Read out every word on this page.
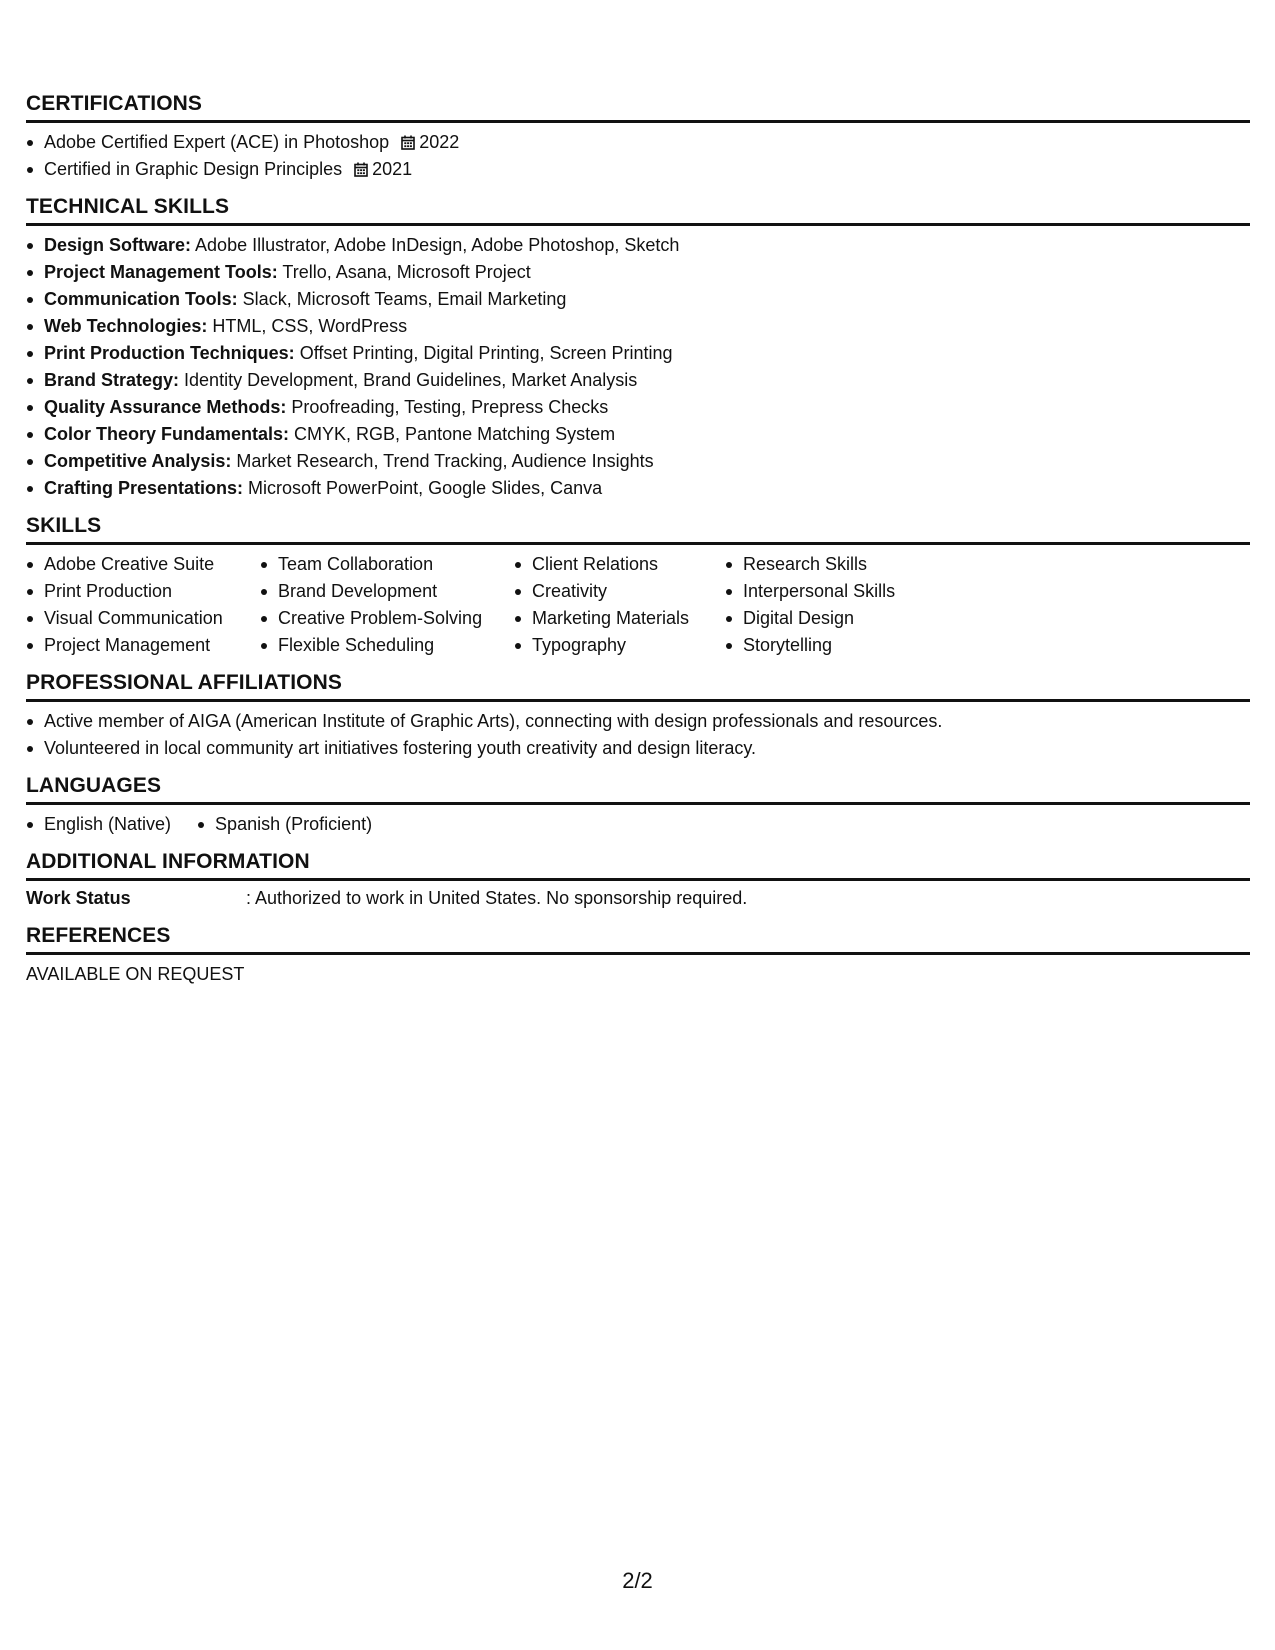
CERTIFICATIONS
Adobe Certified Expert (ACE) in Photoshop 2022
Certified in Graphic Design Principles 2021
TECHNICAL SKILLS
Design Software: Adobe Illustrator, Adobe InDesign, Adobe Photoshop, Sketch
Project Management Tools: Trello, Asana, Microsoft Project
Communication Tools: Slack, Microsoft Teams, Email Marketing
Web Technologies: HTML, CSS, WordPress
Print Production Techniques: Offset Printing, Digital Printing, Screen Printing
Brand Strategy: Identity Development, Brand Guidelines, Market Analysis
Quality Assurance Methods: Proofreading, Testing, Prepress Checks
Color Theory Fundamentals: CMYK, RGB, Pantone Matching System
Competitive Analysis: Market Research, Trend Tracking, Audience Insights
Crafting Presentations: Microsoft PowerPoint, Google Slides, Canva
SKILLS
Adobe Creative Suite
Print Production
Visual Communication
Project Management
Team Collaboration
Brand Development
Creative Problem-Solving
Flexible Scheduling
Client Relations
Creativity
Marketing Materials
Typography
Research Skills
Interpersonal Skills
Digital Design
Storytelling
PROFESSIONAL AFFILIATIONS
Active member of AIGA (American Institute of Graphic Arts), connecting with design professionals and resources.
Volunteered in local community art initiatives fostering youth creativity and design literacy.
LANGUAGES
English (Native)	Spanish (Proficient)
ADDITIONAL INFORMATION
Work Status	: Authorized to work in United States. No sponsorship required.
REFERENCES
AVAILABLE ON REQUEST
2/2
